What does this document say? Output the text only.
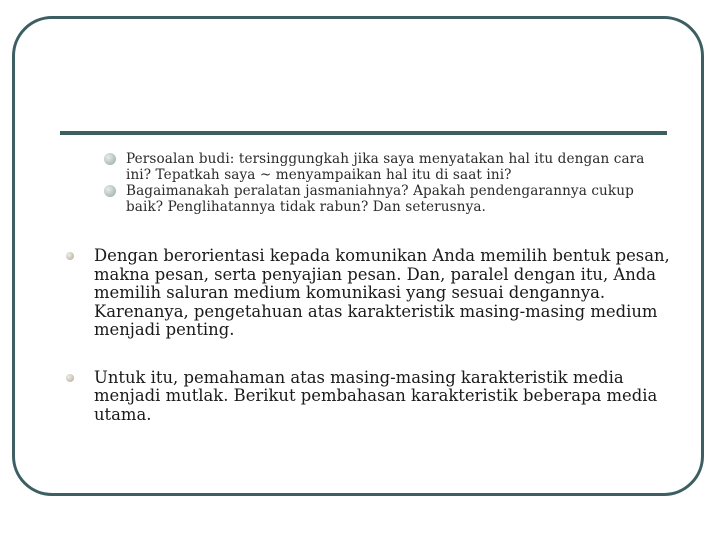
Persoalan budi: tersinggungkah jika saya menyatakan hal itu dengan cara ini? Tepatkah saya ~ menyampaikan hal itu di saat ini?
Bagaimanakah peralatan jasmaniahnya? Apakah pendengarannya cukup baik? Penglihatannya tidak rabun? Dan seterusnya.
Dengan berorientasi kepada komunikan Anda memilih bentuk pesan, makna pesan, serta penyajian pesan. Dan, paralel dengan itu, Anda memilih saluran medium komunikasi yang sesuai dengannya. Karenanya, pengetahuan atas karakteristik masing-masing medium menjadi penting.
Untuk itu, pemahaman atas masing-masing karakteristik media menjadi mutlak. Berikut pembahasan karakteristik beberapa media utama.
